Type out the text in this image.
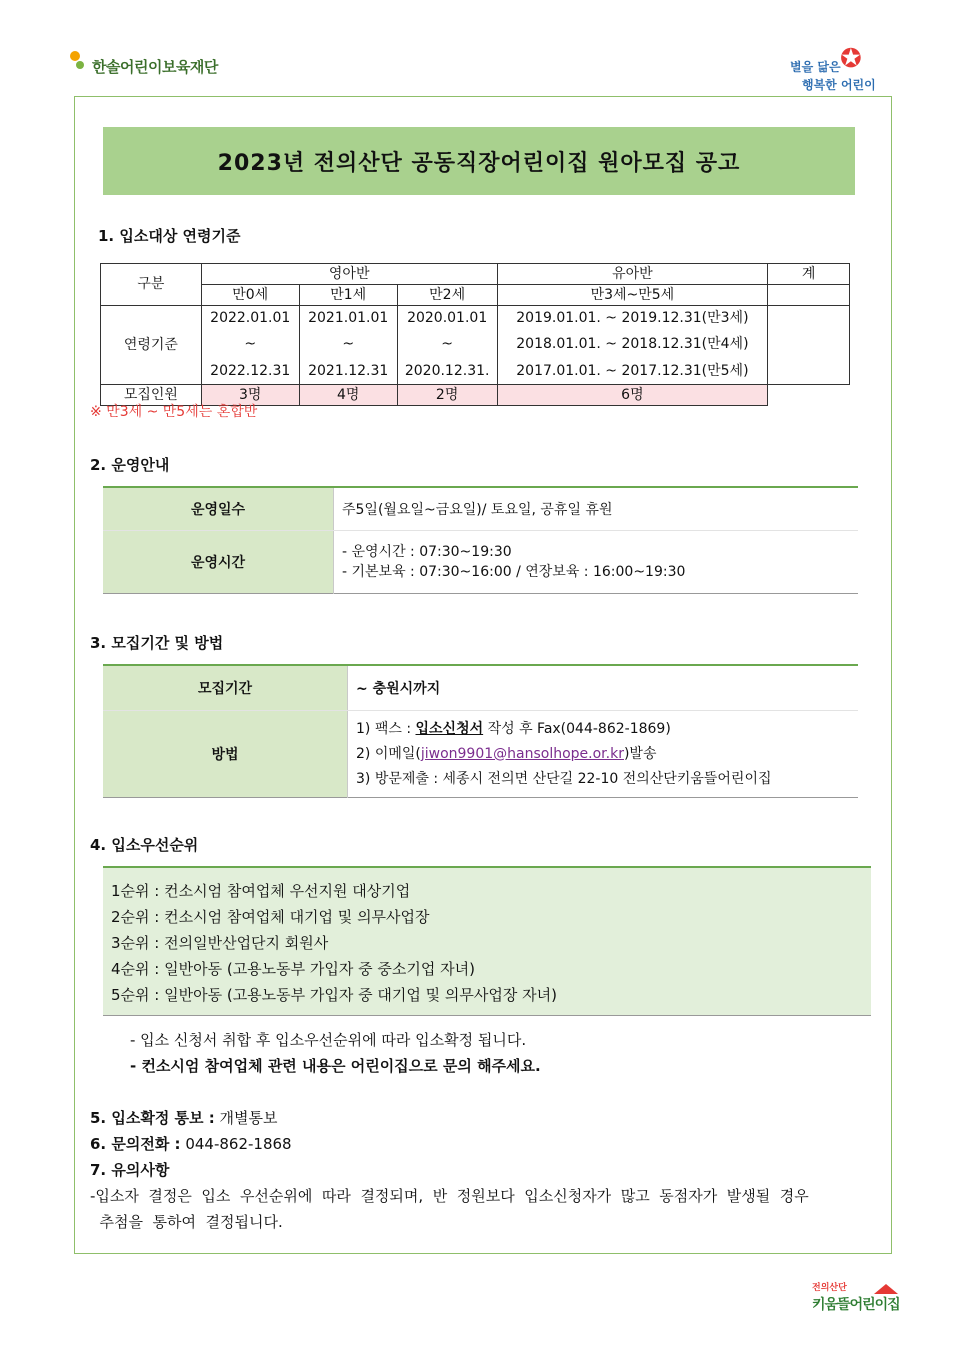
한솔어린이보육재단	✪
별을 닮은
행복한 어린이
2023년 전의산단 공동직장어린이집 원아모집 공고
1. 입소대상 연령기준
구분	영아반			유아반	계
	만0세	만1세	만2세	만3세~만5세	
연령기준	2022.01.01	2021.01.01	2020.01.01	2019.01.01. ~ 2019.12.31(만3세)	
	~	~	~	2018.01.01. ~ 2018.12.31(만4세)	
	2022.12.31	2021.12.31	2020.12.31.	2017.01.01. ~ 2017.12.31(만5세)	
모집인원	3명	4명	2명	6명	
※ 만3세 ~ 만5세는 혼합반
2. 운영안내
운영일수	주5일(월요일~금요일)/ 토요일, 공휴일 휴원
운영시간	- 운영시간 : 07:30~19:30
- 기본보육 : 07:30~16:00 / 연장보육 : 16:00~19:30
3. 모집기간 및 방법
모집기간	~ 충원시까지
방법	1) 팩스 : 입소신청서 작성 후 Fax(044-862-1869)
2) 이메일(jiwon9901@hansolhope.or.kr)발송
3) 방문제출 : 세종시 전의면 산단길 22-10 전의산단키움뜰어린이집
4. 입소우선순위
1순위 : 컨소시엄 참여업체 우선지원 대상기업
2순위 : 컨소시엄 참여업체 대기업 및 의무사업장
3순위 : 전의일반산업단지 회원사
4순위 : 일반아동 (고용노동부 가입자 중 중소기업 자녀)
5순위 : 일반아동 (고용노동부 가입자 중 대기업 및 의무사업장 자녀)
- 입소 신청서 취합 후 입소우선순위에 따라 입소확정 됩니다.
- 컨소시엄 참여업체 관련 내용은 어린이집으로 문의 해주세요.
5. 입소확정 통보 : 개별통보
6. 문의전화 : 044-862-1868
7. 유의사항
-입소자  결정은  입소  우선순위에  따라  결정되며,  반  정원보다  입소신청자가  많고  동점자가  발생될  경우
추첨을  통하여  결정됩니다.
전의산단
키움뜰어린이집
